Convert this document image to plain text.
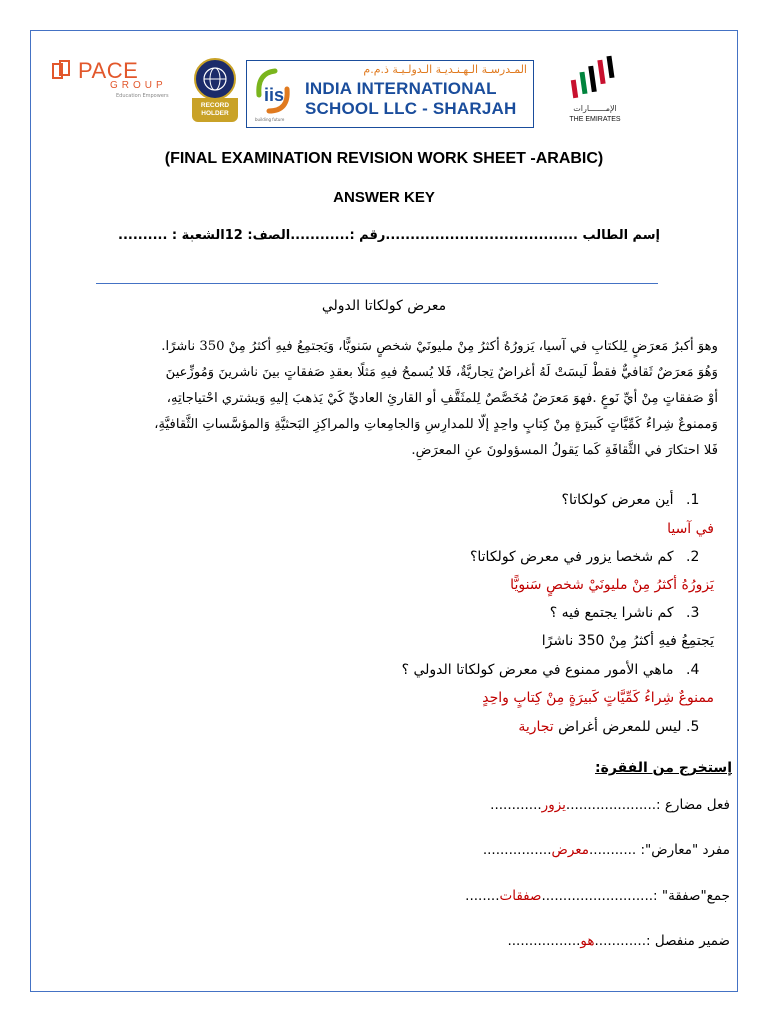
PACE
GROUP
Education Empowers
RECORD
HOLDER
iis
building future
المـدرسـة الـهـنـديـة الـدولـيـة ذ.م.م
INDIA INTERNATIONAL
SCHOOL LLC - SHARJAH	الإمـــــــارات
THE EMIRATES
(FINAL EXAMINATION REVISION WORK SHEET -ARABIC)
ANSWER KEY
إسم الطالب .......................................رقم :............الصف: 12الشعبة : ..........
معرض كولكاتا الدولي
وهوَ أكبرُ مَعرَضٍ لِلكتابِ في آسيا، يَزورُهُ أكثرُ مِنْ مليونَيْ شخصٍ سَنويًّا، وَيَجتمِعُ فيهِ أكثرُ مِنْ 350 ناشرًا.
وَهُوَ مَعرَضٌ ثَقافيٌّ فقطْ لَيسَتْ لَهُ أغراضٌ تِجاريَّةٌ، فَلا يُسمحُ فيهِ مَثلًا بعقدِ صَفقاتٍ بينَ ناشرينَ وَمُوزِّعينَ
أوْ صَفقاتٍ مِنْ أيِّ نَوعٍ .فهوَ مَعرَضٌ مُخَصَّصٌ لِلمثَقَّفِ أو القارئِ العاديِّ كَيْ يَذهبَ إليهِ وَيشتري احْتياجاتِهِ،
وَممنوعٌ شِراءُ كَمِّيَّاتٍ كَبيرَةٍ مِنْ كِتابٍ واحِدٍ إلّا للمدارِسِ وَالجامِعاتِ والمراكِزِ البَحثيَّةِ وَالمؤسَّساتِ الثَّقافيَّةِ،
فَلا احتكارَ في الثَّقافَةِ كَما يَقولُ المسؤولونَ عنِ المعرَضِ.
.1 أين معرض كولكاتا؟
في آسيا
.2 كم شخصا يزور في معرض كولكاتا؟
يَزورُهُ أكثرُ مِنْ مليونَيْ شخصٍ سَنويًّا
.3 كم ناشرا يجتمع فيه ؟
يَجتمِعُ فيهِ أكثرُ مِنْ 350 ناشرًا
.4 ماهي الأمور ممنوع في معرض كولكاتا الدولي ؟
ممنوعٌ شِراءُ كَمِّيَّاتٍ كَبيرَةٍ مِنْ كِتابٍ واحِدٍ
.5 ليس للمعرض أغراض تجارية
إستخرج من الفقرة:
فعل مضارع :.....................يزور............
مفرد "معارض": ...........معرض................
جمع"صفقة" :..........................صفقات........
ضمير منفصل :............هو.................
